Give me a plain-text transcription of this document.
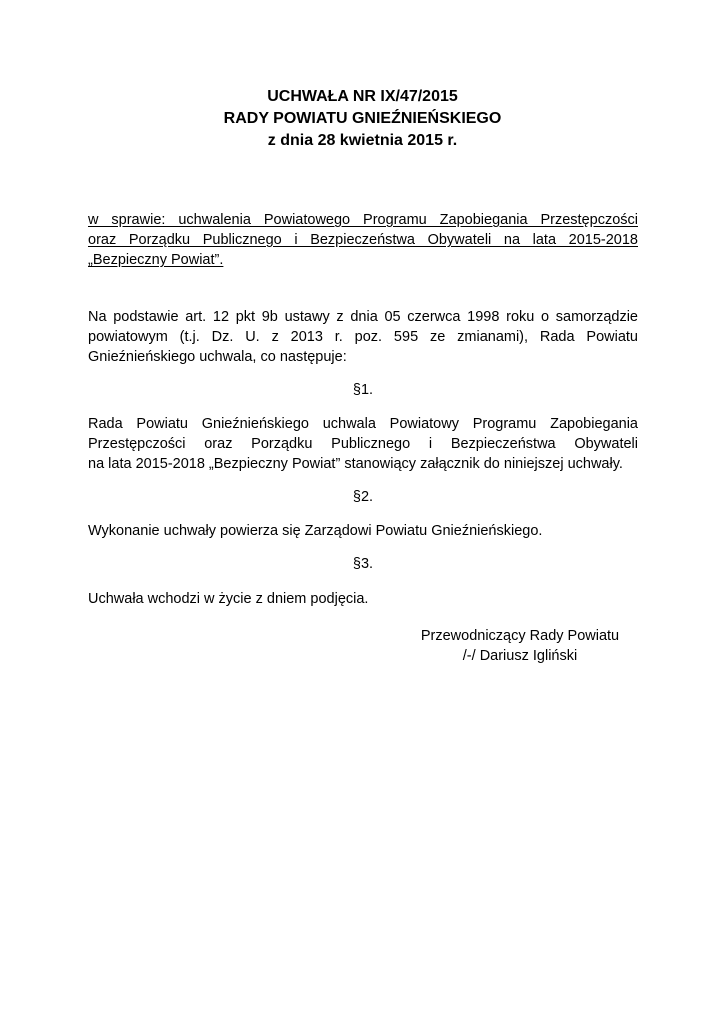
UCHWAŁA NR IX/47/2015
RADY POWIATU GNIEŹNIEŃSKIEGO
z dnia 28 kwietnia 2015 r.
w sprawie: uchwalenia Powiatowego Programu Zapobiegania Przestępczości
oraz Porządku Publicznego i Bezpieczeństwa Obywateli na lata 2015-2018
„Bezpieczny Powiat”.
Na podstawie art. 12 pkt 9b ustawy z dnia 05 czerwca 1998 roku o samorządzie
powiatowym (t.j. Dz. U. z 2013 r. poz. 595 ze zmianami), Rada Powiatu
Gnieźnieńskiego uchwala, co następuje:
§1.
Rada Powiatu Gnieźnieńskiego uchwala Powiatowy Programu Zapobiegania
Przestępczości oraz Porządku Publicznego i Bezpieczeństwa Obywateli
na lata 2015-2018 „Bezpieczny Powiat” stanowiący załącznik do niniejszej uchwały.
§2.
Wykonanie uchwały powierza się Zarządowi Powiatu Gnieźnieńskiego.
§3.
Uchwała wchodzi w życie z dniem podjęcia.
Przewodniczący Rady Powiatu
/-/ Dariusz Igliński
